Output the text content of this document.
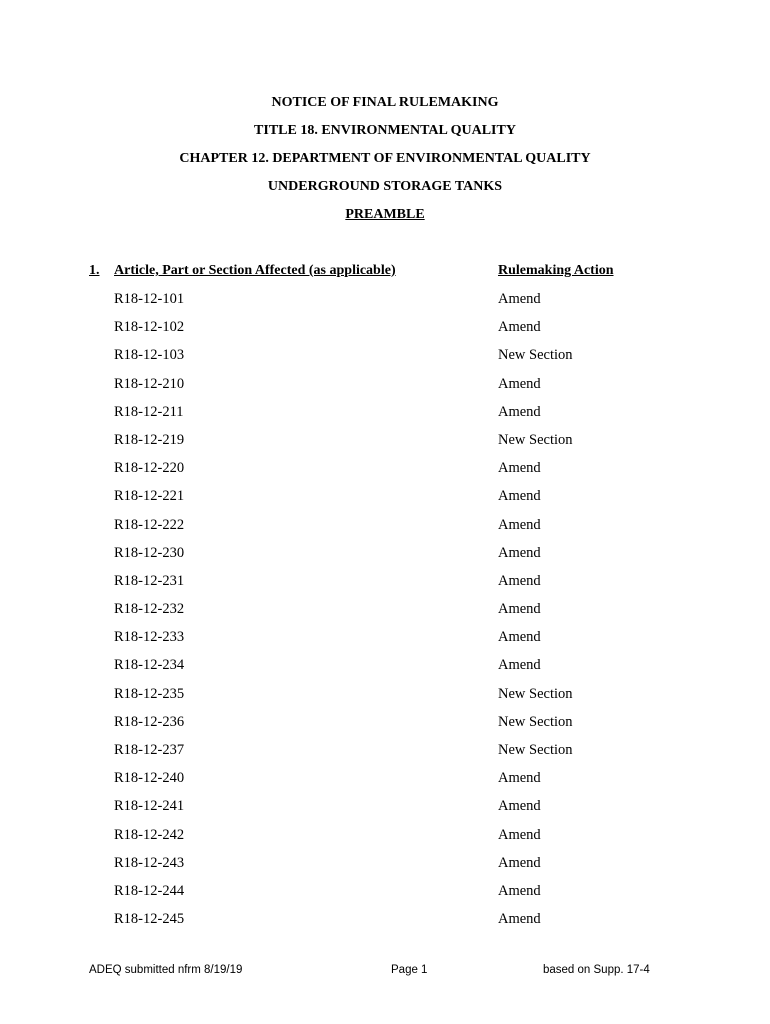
NOTICE OF FINAL RULEMAKING
TITLE 18. ENVIRONMENTAL QUALITY
CHAPTER 12. DEPARTMENT OF ENVIRONMENTAL QUALITY
UNDERGROUND STORAGE TANKS
PREAMBLE
1. Article, Part or Section Affected (as applicable)	Rulemaking Action
R18-12-101	Amend
R18-12-102	Amend
R18-12-103	New Section
R18-12-210	Amend
R18-12-211	Amend
R18-12-219	New Section
R18-12-220	Amend
R18-12-221	Amend
R18-12-222	Amend
R18-12-230	Amend
R18-12-231	Amend
R18-12-232	Amend
R18-12-233	Amend
R18-12-234	Amend
R18-12-235	New Section
R18-12-236	New Section
R18-12-237	New Section
R18-12-240	Amend
R18-12-241	Amend
R18-12-242	Amend
R18-12-243	Amend
R18-12-244	Amend
R18-12-245	Amend
ADEQ submitted nfrm 8/19/19	Page 1	based on Supp. 17-4
